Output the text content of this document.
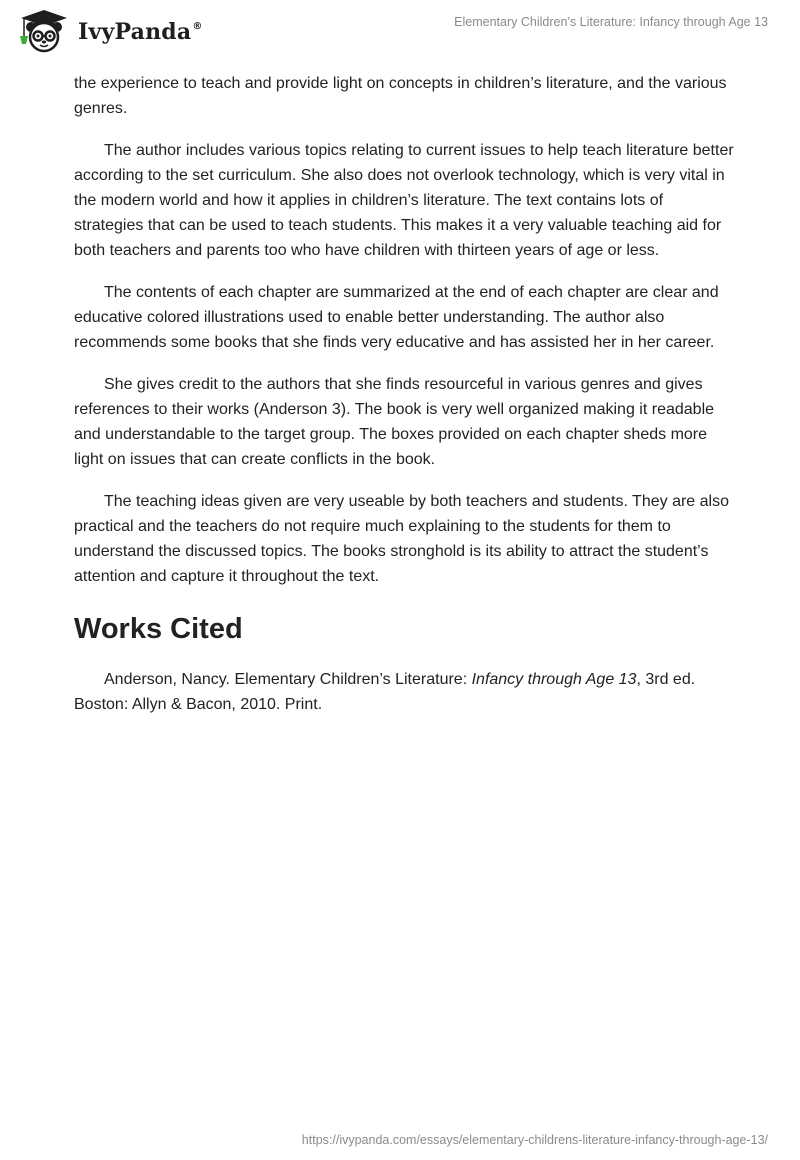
IvyPanda®	Elementary Children’s Literature: Infancy through Age 13

the experience to teach and provide light on concepts in children’s literature, and the various genres.

The author includes various topics relating to current issues to help teach literature better according to the set curriculum. She also does not overlook technology, which is very vital in the modern world and how it applies in children’s literature. The text contains lots of strategies that can be used to teach students. This makes it a very valuable teaching aid for both teachers and parents too who have children with thirteen years of age or less.

The contents of each chapter are summarized at the end of each chapter are clear and educative colored illustrations used to enable better understanding. The author also recommends some books that she finds very educative and has assisted her in her career.

She gives credit to the authors that she finds resourceful in various genres and gives references to their works (Anderson 3). The book is very well organized making it readable and understandable to the target group. The boxes provided on each chapter sheds more light on issues that can create conflicts in the book.

The teaching ideas given are very useable by both teachers and students. They are also practical and the teachers do not require much explaining to the students for them to understand the discussed topics. The books stronghold is its ability to attract the student’s attention and capture it throughout the text.

Works Cited

Anderson, Nancy. Elementary Children’s Literature: Infancy through Age 13, 3rd ed. Boston: Allyn & Bacon, 2010. Print.

https://ivypanda.com/essays/elementary-childrens-literature-infancy-through-age-13/
